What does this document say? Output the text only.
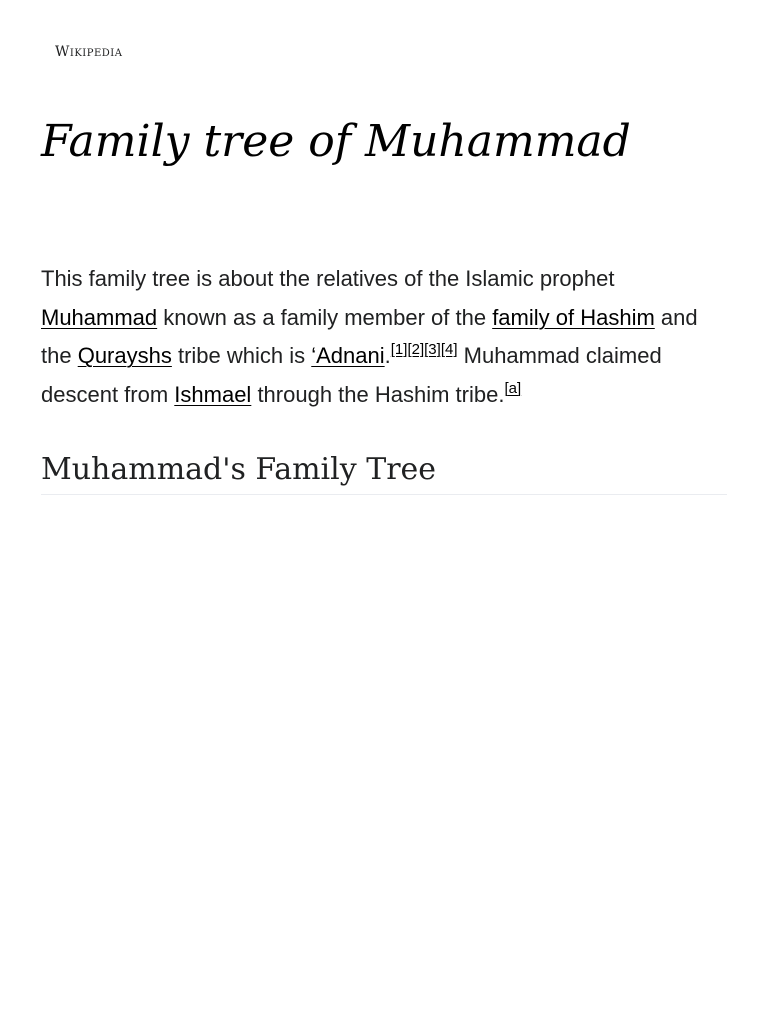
Wikipedia
Family tree of Muhammad

This family tree is about the relatives of the Islamic prophet Muhammad known as a family member of the family of Hashim and the Qurayshs tribe which is ‘Adnani.[1][2][3][4] Muhammad claimed descent from Ishmael through the Hashim tribe.[a]

Muhammad's Family Tree
